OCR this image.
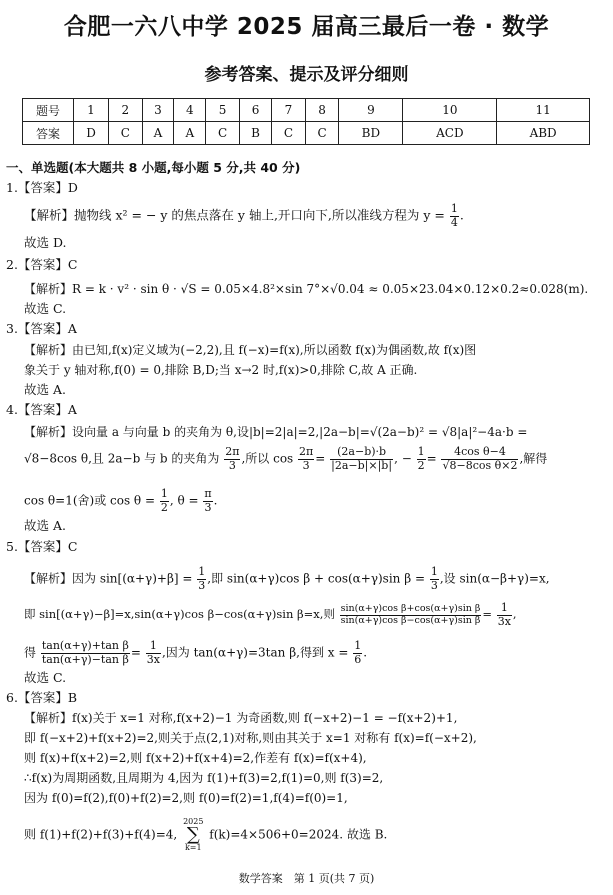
合肥一六八中学 2025 届高三最后一卷 · 数学
参考答案、提示及评分细则
题号	1	2	3	4	5	6	7	8	9	10	11
答案	D	C	A	A	C	B	C	C	BD	ACD	ABD
一、单选题(本大题共 8 小题,每小题 5 分,共 40 分)
1.【答案】D
【解析】抛物线 x² = − y 的焦点落在 y 轴上,开口向下,所以准线方程为 $y = \frac{1}{4}$ .
故选 D.
2.【答案】C
【解析】R = k · v² · sin θ · √S = 0.05×4.8²×sin 7°×√0.04 ≈ 0.05×23.04×0.12×0.2≈0.028(m).
故选 C.
3.【答案】A
【解析】由已知,f(x)定义域为(−2,2),且 f(−x)=f(x),所以函数 f(x)为偶函数,故 f(x)图
象关于 y 轴对称,f(0) = 0,排除 B,D;当 x→2 时,f(x)>0,排除 C,故 A 正确.
故选 A.
4.【答案】A
【解析】设向量 a 与向量 b 的夹角为 θ,设|b|=2|a|=2,|2a−b|=√(2a−b)² = √8|a|²−4a·b =
√8−8cos θ,且 2a−b 与 b 的夹角为 $\frac{2\pi}{3}$ ,所以 $\cos \frac{2\pi}{3} = \frac{(2a-b)\cdot b}{|2a-b|\times|b|}$ , − $\frac{1}{2} = \frac{\text{4cos θ−4}}{\text{√8−8cos θ×2}}$ ,解得
cos θ=1(舍)或 $\cos \theta = \frac{1}{2}$ , $\theta = \frac{\pi}{3}$ .
故选 A.
5.【答案】C
【解析】因为 $\sin[(\alpha+\gamma)+\beta] = \frac{1}{3}$ ,即 sin(α+γ)cos β + cos(α+γ)sin $\beta = \frac{1}{3}$ ,设 sin(α−β+γ)=x,
即 sin[(α+γ)−β]=x,sin(α+γ)cos β−cos(α+γ)sin β=x,则 $\frac{\text{sin(α+γ)cos β+cos(α+γ)sin β}}{\text{sin(α+γ)cos β−cos(α+γ)sin β}} = \frac{1}{3x}$ ,
得 $\frac{\text{tan(α+γ)+tan β}}{\text{tan(α+γ)−tan β}} = \frac{1}{3x}$ ,因为 tan(α+γ)=3tan β,得到 $x = \frac{1}{6}$ .
故选 C.
6.【答案】B
【解析】f(x)关于 x=1 对称,f(x+2)−1 为奇函数,则 f(−x+2)−1 = −f(x+2)+1,
即 f(−x+2)+f(x+2)=2,则关于点(2,1)对称,则由其关于 x=1 对称有 f(x)=f(−x+2),
则 f(x)+f(x+2)=2,则 f(x+2)+f(x+4)=2,作差有 f(x)=f(x+4),
∴f(x)为周期函数,且周期为 4,因为 f(1)+f(3)=2,f(1)=0,则 f(3)=2,
因为 f(0)=f(2),f(0)+f(2)=2,则 f(0)=f(2)=1,f(4)=f(0)=1,
则 f(1)+f(2)+f(3)+f(4)=4, 2025
∑
k=1 f(k)=4×506+0=2024. 故选 B.
数学答案　第 1 页(共 7 页)
